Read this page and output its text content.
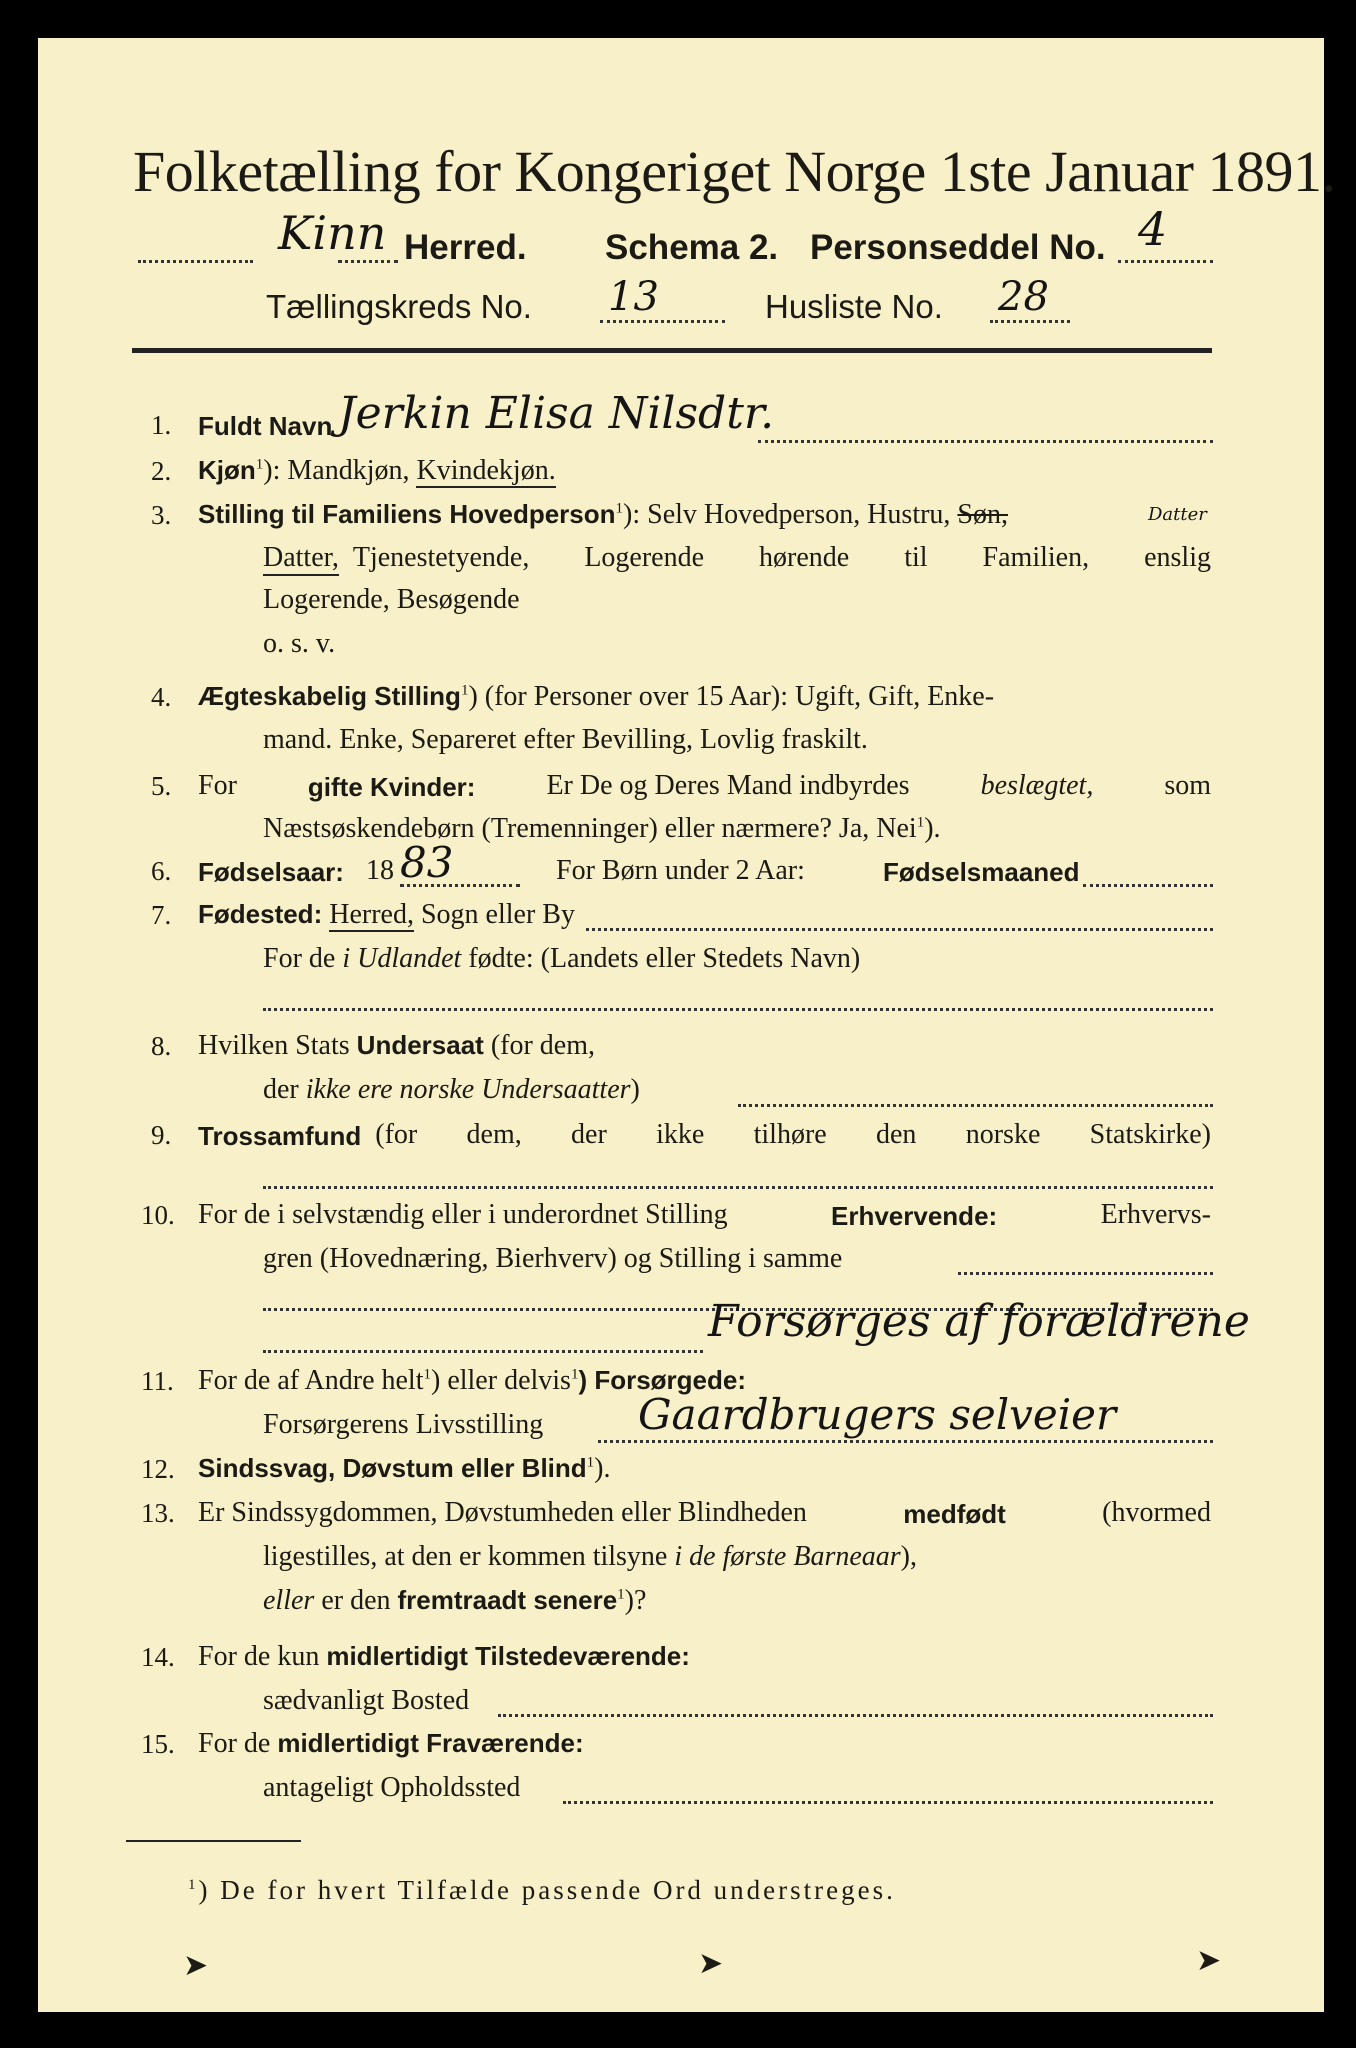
Folketælling for Kongeriget Norge 1ste Januar 1891.
Kinn Herred. Schema 2. Personseddel No. 4
Tællingskreds No. 13	Husliste No. 28
1. Fuldt Navn Jerkin Elisa Nilsdtr.
2. Kjøn$^1$): Mandkjøn, Kvindekjøn.
3. Stilling til Familiens Hovedperson$^1$): Selv Hovedperson, Hustru, Søn,	Datter
Datter, Tjenestetyende, Logerende hørende til Familien, enslig
Logerende, Besøgende
o. s. v.
4. Ægteskabelig Stilling$^1$) (for Personer over 15 Aar): Ugift, Gift, Enke-
mand. Enke, Separeret efter Bevilling, Lovlig fraskilt.
5. For	gifte Kvinder:	Er De og Deres Mand indbyrdes	beslægtet,	som
Næstsøskendebørn (Tremenninger) eller nærmere? Ja, Nei$^1$).
6. Fødselsaar: 18 83	For Børn under 2 Aar:	Fødselsmaaned
7. Fødested: Herred, Sogn eller By
For de i Udlandet fødte: (Landets eller Stedets Navn)
8. Hvilken Stats Undersaat (for dem,
der ikke ere norske Undersaatter)
9. Trossamfund (for dem, der ikke tilhøre den norske Statskirke)
10. For de i selvstændig eller i underordnet Stilling	Erhvervende:	Erhvervs-
gren (Hovednæring, Bierhverv) og Stilling i samme
Forsørges af forældrene
11. For de af Andre helt$^1$) eller delvis$^1$) Forsørgede:
Forsørgerens Livsstilling Gaardbrugers selveier
12. Sindssvag, Døvstum eller Blind$^1$).
13. Er Sindssygdommen, Døvstumheden eller Blindheden	medfødt	(hvormed
ligestilles, at den er kommen tilsyne i de første Barneaar),
eller er den fremtraadt senere$^1$)?
14. For de kun midlertidigt Tilstedeværende:
sædvanligt Bosted
15. For de midlertidigt Fraværende:
antageligt Opholdssted
$^1$) De for hvert Tilfælde passende Ord understreges.
➤	➤	➤
